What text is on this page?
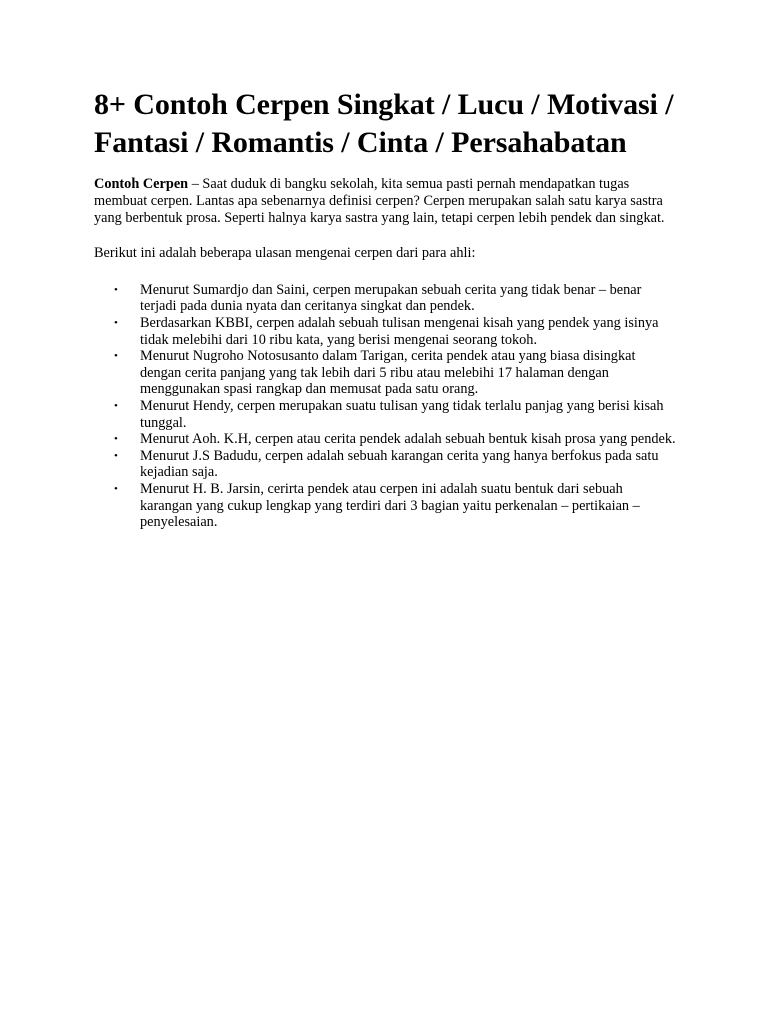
8+ Contoh Cerpen Singkat / Lucu / Motivasi / Fantasi / Romantis / Cinta / Persahabatan

Contoh Cerpen – Saat duduk di bangku sekolah, kita semua pasti pernah mendapatkan tugas membuat cerpen. Lantas apa sebenarnya definisi cerpen? Cerpen merupakan salah satu karya sastra yang berbentuk prosa. Seperti halnya karya sastra yang lain, tetapi cerpen lebih pendek dan singkat.

Berikut ini adalah beberapa ulasan mengenai cerpen dari para ahli:

• Menurut Sumardjo dan Saini, cerpen merupakan sebuah cerita yang tidak benar – benar terjadi pada dunia nyata dan ceritanya singkat dan pendek.
• Berdasarkan KBBI, cerpen adalah sebuah tulisan mengenai kisah yang pendek yang isinya tidak melebihi dari 10 ribu kata, yang berisi mengenai seorang tokoh.
• Menurut Nugroho Notosusanto dalam Tarigan, cerita pendek atau yang biasa disingkat dengan cerita panjang yang tak lebih dari 5 ribu atau melebihi 17 halaman dengan menggunakan spasi rangkap dan memusat pada satu orang.
• Menurut Hendy, cerpen merupakan suatu tulisan yang tidak terlalu panjag yang berisi kisah tunggal.
• Menurut Aoh. K.H, cerpen atau cerita pendek adalah sebuah bentuk kisah prosa yang pendek.
• Menurut J.S Badudu, cerpen adalah sebuah karangan cerita yang hanya berfokus pada satu kejadian saja.
• Menurut H. B. Jarsin, cerirta pendek atau cerpen ini adalah suatu bentuk dari sebuah karangan yang cukup lengkap yang terdiri dari 3 bagian yaitu perkenalan – pertikaian – penyelesaian.
